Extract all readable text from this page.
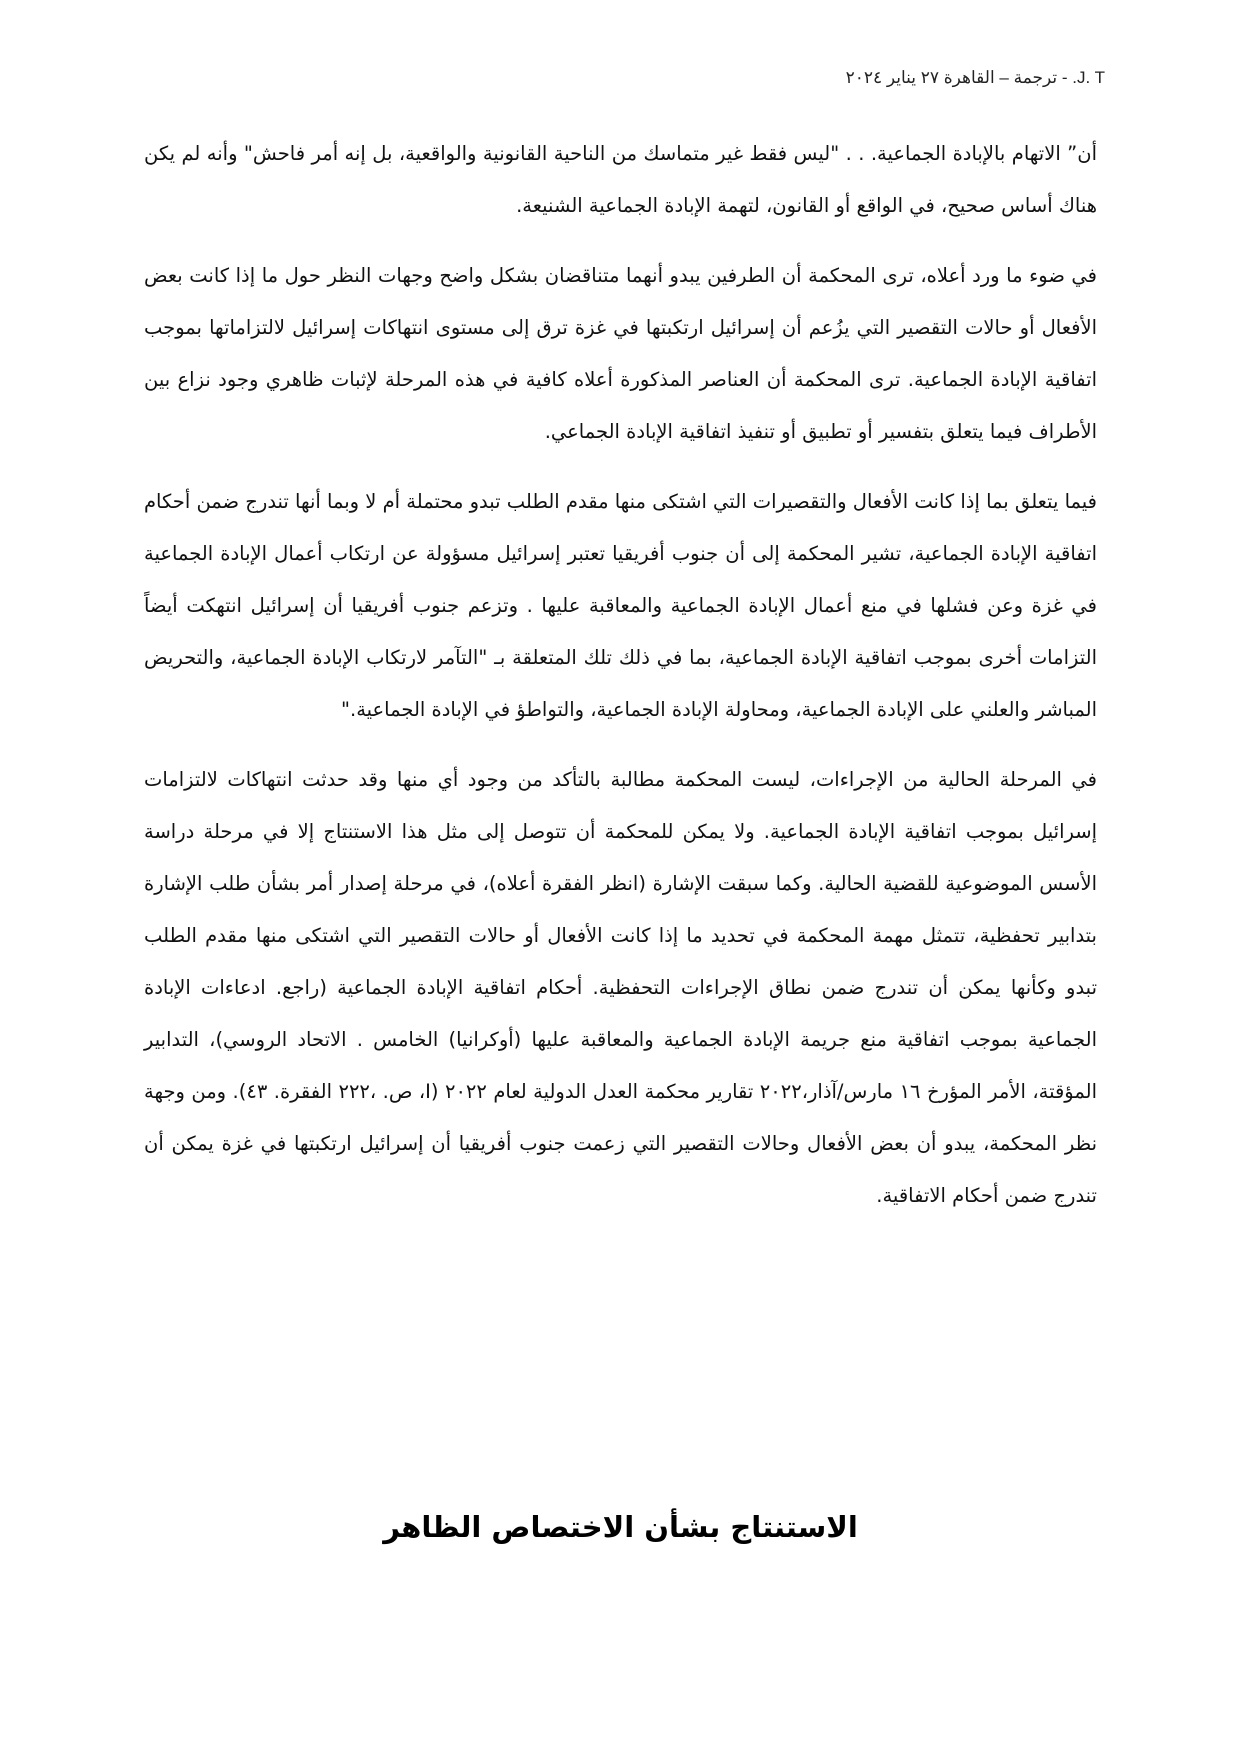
J. T. - ترجمة – القاهرة ٢٧ يناير ٢٠٢٤

أن” الاتهام بالإبادة الجماعية. . . "ليس فقط غير متماسك من الناحية القانونية والواقعية، بل إنه أمر فاحش" وأنه لم يكن هناك أساس صحيح، في الواقع أو القانون، لتهمة الإبادة الجماعية الشنيعة.

في ضوء ما ورد أعلاه، ترى المحكمة أن الطرفين يبدو أنهما متناقضان بشكل واضح وجهات النظر حول ما إذا كانت بعض الأفعال أو حالات التقصير التي يزُعم أن إسرائيل ارتكبتها في غزة ترق إلى مستوى انتهاكات إسرائيل لالتزاماتها بموجب اتفاقية الإبادة الجماعية. ترى المحكمة أن العناصر المذكورة أعلاه كافية في هذه المرحلة لإثبات ظاهري وجود نزاع بين الأطراف فيما يتعلق بتفسير أو تطبيق أو تنفيذ اتفاقية الإبادة الجماعي.

فيما يتعلق بما إذا كانت الأفعال والتقصيرات التي اشتكى منها مقدم الطلب تبدو محتملة أم لا وبما أنها تندرج ضمن أحكام اتفاقية الإبادة الجماعية، تشير المحكمة إلى أن جنوب أفريقيا تعتبر إسرائيل مسؤولة عن ارتكاب أعمال الإبادة الجماعية في غزة وعن فشلها في منع أعمال الإبادة الجماعية والمعاقبة عليها . وتزعم جنوب أفريقيا أن إسرائيل انتهكت أيضاً التزامات أخرى بموجب اتفاقية الإبادة الجماعية، بما في ذلك تلك المتعلقة بـ "التآمر لارتكاب الإبادة الجماعية، والتحريض المباشر والعلني على الإبادة الجماعية، ومحاولة الإبادة الجماعية، والتواطؤ في الإبادة الجماعية."

في المرحلة الحالية من الإجراءات، ليست المحكمة مطالبة بالتأكد من وجود أي منها وقد حدثت انتهاكات لالتزامات إسرائيل بموجب اتفاقية الإبادة الجماعية. ولا يمكن للمحكمة أن تتوصل إلى مثل هذا الاستنتاج إلا في مرحلة دراسة الأسس الموضوعية للقضية الحالية. وكما سبقت الإشارة (انظر الفقرة أعلاه)، في مرحلة إصدار أمر بشأن طلب الإشارة بتدابير تحفظية، تتمثل مهمة المحكمة في تحديد ما إذا كانت الأفعال أو حالات التقصير التي اشتكى منها مقدم الطلب تبدو وكأنها يمكن أن تندرج ضمن نطاق الإجراءات التحفظية. أحكام اتفاقية الإبادة الجماعية (راجع. ادعاءات الإبادة الجماعية بموجب اتفاقية منع جريمة الإبادة الجماعية والمعاقبة عليها (أوكرانيا) الخامس . الاتحاد الروسي)، التدابير المؤقتة، الأمر المؤرخ ١٦ مارس/آذار،٢٠٢٢ تقارير محكمة العدل الدولية لعام ٢٠٢٢ (I، ص. ،٢٢٢ الفقرة. ٤٣). ومن وجهة نظر المحكمة، يبدو أن بعض الأفعال وحالات التقصير التي زعمت جنوب أفريقيا أن إسرائيل ارتكبتها في غزة يمكن أن تندرج ضمن أحكام الاتفاقية.

الاستنتاج بشأن الاختصاص الظاهر
